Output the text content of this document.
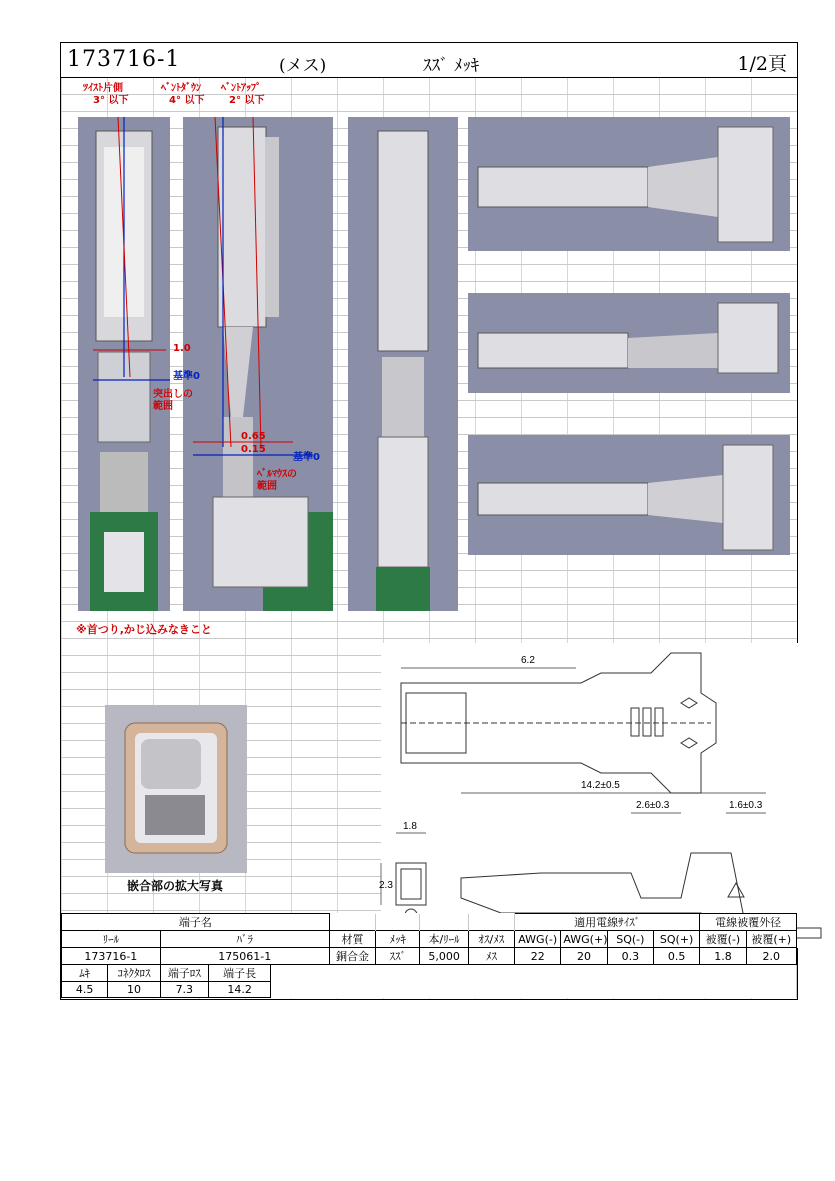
173716-1	(メス)	ｽｽﾞ ﾒｯｷ	1/2頁
ﾂｲｽﾄ片側
3° 以下
ﾍﾞﾝﾄﾀﾞｳﾝ
4° 以下
ﾍﾞﾝﾄｱｯﾌﾟ
2° 以下
1.0
基準0
突出しの
範囲
0.65
0.15
基準0
ﾍﾞﾙﾏｳｽの
範囲
※首つり,かじ込みなきこと
嵌合部の拡大写真
6.2
14.2±0.5
2.6±0.3	1.6±0.3
1.8
2.3
端子名									適用電線ｻｲｽﾞ				電線被覆外径	
ﾘｰﾙ		ﾊﾞﾗ			材質	ﾒｯｷ	本/ﾘｰﾙ	ｵｽ/ﾒｽ	AWG(-)	AWG(+)	SQ(-)	SQ(+)	被覆(-)	被覆(+)
173716-1		175061-1			銅合金	ｽｽﾞ	5,000	ﾒｽ	22	20	0.3	0.5	1.8	2.0
ﾑｷ	ｺﾈｸﾀﾛｽ	端子ﾛｽ	端子長											
4.5	10	7.3	14.2											
